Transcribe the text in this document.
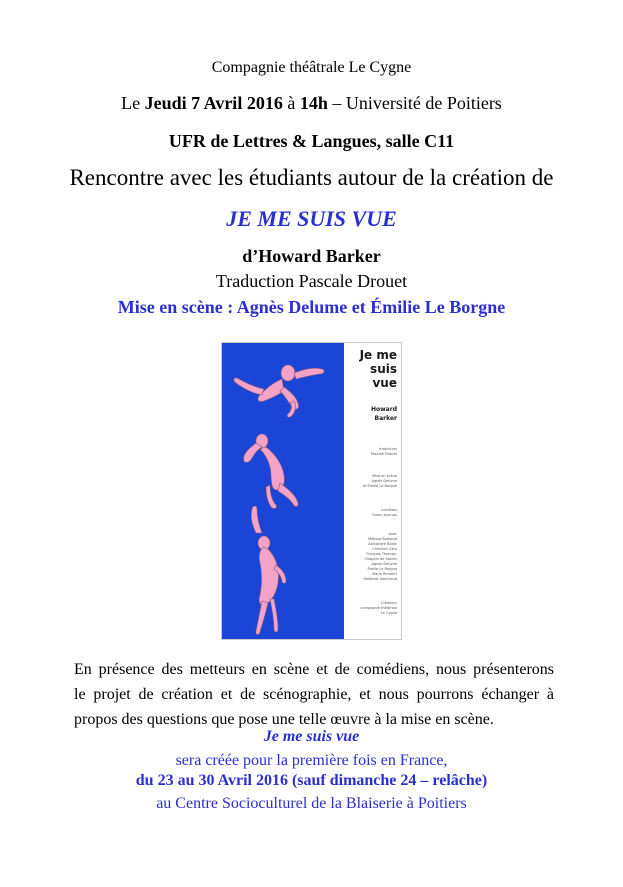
Compagnie théâtrale Le Cygne
Le Jeudi 7 Avril 2016 à 14h – Université de Poitiers
UFR de Lettres & Langues, salle C11
Rencontre avec les étudiants autour de la création de
JE ME SUIS VUE
d’Howard Barker
Traduction Pascale Drouet
Mise en scène : Agnès Delume et Émilie Le Borgne
Je me
suis
vue
Howard
Barker
traduction
Pascale Drouet
Mise en scène
Agnès Delume
et Émilie Le Borgne
Lumières
Yvann Journau
Avec
Mélissa Barbaud
Alexandre Badin
Christian Caro
François Thomas-
Chappin de Sanvis
Agnès Delume
Émilie Le Borgne
Marie Rimbert
Mathilde Souchaud
Création/
compagnie théâtrale
Le Cygne
En présence des metteurs en scène et de comédiens, nous présenterons
le projet de création et de scénographie, et nous pourrons échanger à
propos des questions que pose une telle œuvre à la mise en scène.
Je me suis vue
sera créée pour la première fois en France,
du 23 au 30 Avril 2016 (sauf dimanche 24 – relâche)
au Centre Socioculturel de la Blaiserie à Poitiers
